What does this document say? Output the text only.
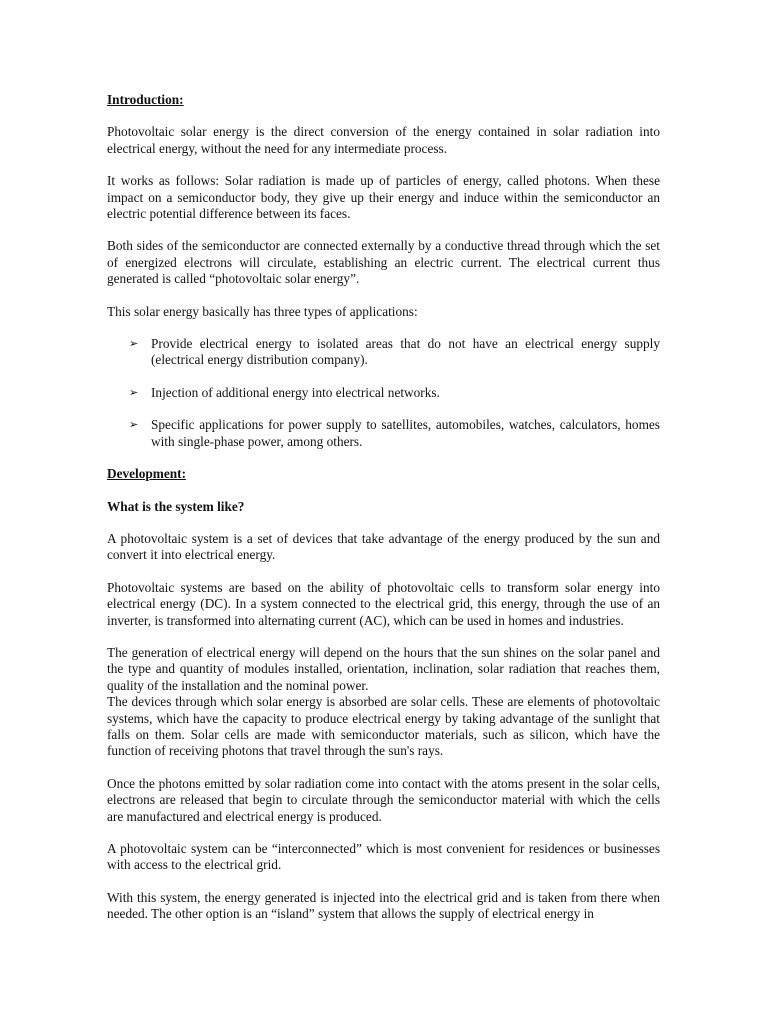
Introduction:

Photovoltaic solar energy is the direct conversion of the energy contained in solar radiation into electrical energy, without the need for any intermediate process.

It works as follows: Solar radiation is made up of particles of energy, called photons. When these impact on a semiconductor body, they give up their energy and induce within the semiconductor an electric potential difference between its faces.

Both sides of the semiconductor are connected externally by a conductive thread through which the set of energized electrons will circulate, establishing an electric current. The electrical current thus generated is called “photovoltaic solar energy”.

This solar energy basically has three types of applications:

➢ Provide electrical energy to isolated areas that do not have an electrical energy supply (electrical energy distribution company).
➢ Injection of additional energy into electrical networks.
➢ Specific applications for power supply to satellites, automobiles, watches, calculators, homes with single-phase power, among others.
Development:
What is the system like?

A photovoltaic system is a set of devices that take advantage of the energy produced by the sun and convert it into electrical energy.

Photovoltaic systems are based on the ability of photovoltaic cells to transform solar energy into electrical energy (DC). In a system connected to the electrical grid, this energy, through the use of an inverter, is transformed into alternating current (AC), which can be used in homes and industries.

The generation of electrical energy will depend on the hours that the sun shines on the solar panel and the type and quantity of modules installed, orientation, inclination, solar radiation that reaches them, quality of the installation and the nominal power.

The devices through which solar energy is absorbed are solar cells. These are elements of photovoltaic systems, which have the capacity to produce electrical energy by taking advantage of the sunlight that falls on them. Solar cells are made with semiconductor materials, such as silicon, which have the function of receiving photons that travel through the sun's rays.

Once the photons emitted by solar radiation come into contact with the atoms present in the solar cells, electrons are released that begin to circulate through the semiconductor material with which the cells are manufactured and electrical energy is produced.

A photovoltaic system can be “interconnected” which is most convenient for residences or businesses with access to the electrical grid.

With this system, the energy generated is injected into the electrical grid and is taken from there when needed. The other option is an “island” system that allows the supply of electrical energy in
